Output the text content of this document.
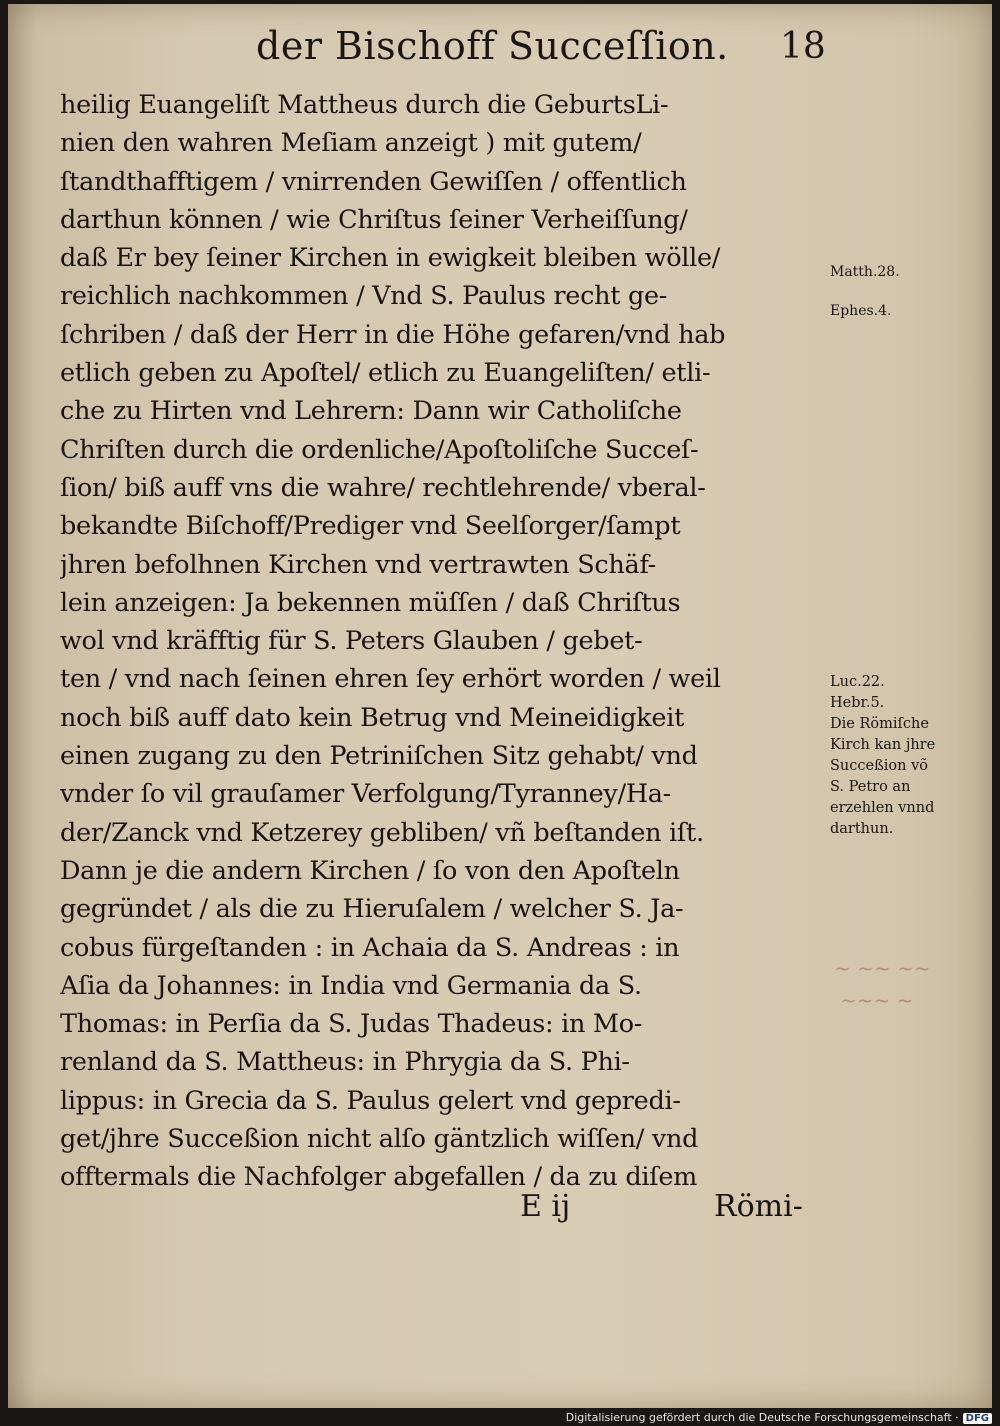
der Bischoff Succeſſion. 18
heilig Euangeliſt Mattheus durch die GeburtsLi-
nien den wahren Meſiam anzeigt ) mit gutem/
ſtandthafftigem / vnirrenden Gewiſſen / offentlich
darthun können / wie Chriſtus ſeiner Verheiſſung/
daß Er bey ſeiner Kirchen in ewigkeit bleiben wölle/
reichlich nachkommen / Vnd S. Paulus recht ge-
ſchriben / daß der Herr in die Höhe gefaren/vnd hab
etlich geben zu Apoſtel/ etlich zu Euangeliſten/ etli-
che zu Hirten vnd Lehrern: Dann wir Catholiſche
Chriſten durch die ordenliche/Apoſtoliſche Succeſ-
ſion/ biß auff vns die wahre/ rechtlehrende/ vberal-
bekandte Biſchoff/Prediger vnd Seelſorger/ſampt
jhren befolhnen Kirchen vnd vertrawten Schäf-
lein anzeigen: Ja bekennen müſſen / daß Chriſtus
wol vnd kräfftig für S. Peters Glauben / gebet-
ten / vnd nach ſeinen ehren ſey erhört worden / weil
noch biß auff dato kein Betrug vnd Meineidigkeit
einen zugang zu den Petriniſchen Sitz gehabt/ vnd
vnder ſo vil grauſamer Verfolgung/Tyranney/Ha-
der/Zanck vnd Ketzerey gebliben/ vñ beſtanden iſt.
Dann je die andern Kirchen / ſo von den Apoſteln
gegründet / als die zu Hieruſalem / welcher S. Ja-
cobus fürgeſtanden : in Achaia da S. Andreas : in
Aſia da Johannes: in India vnd Germania da S.
Thomas: in Perſia da S. Judas Thadeus: in Mo-
renland da S. Mattheus: in Phrygia da S. Phi-
lippus: in Grecia da S. Paulus gelert vnd gepredi-
get/jhre Succeßion nicht alſo gäntzlich wiſſen/ vnd
offtermals die Nachfolger abgefallen / da zu diſem
Matth.28.
Ephes.4.
Luc.22.
Hebr.5.
Die Römiſche
Kirch kan jhre
Succeßion võ
S. Petro an
erzehlen vnnd
darthun.
~ ~~ ~~
~~~ ~
E ij	Römi-
Digitalisierung gefördert durch die Deutsche Forschungsgemeinschaft · DFG
